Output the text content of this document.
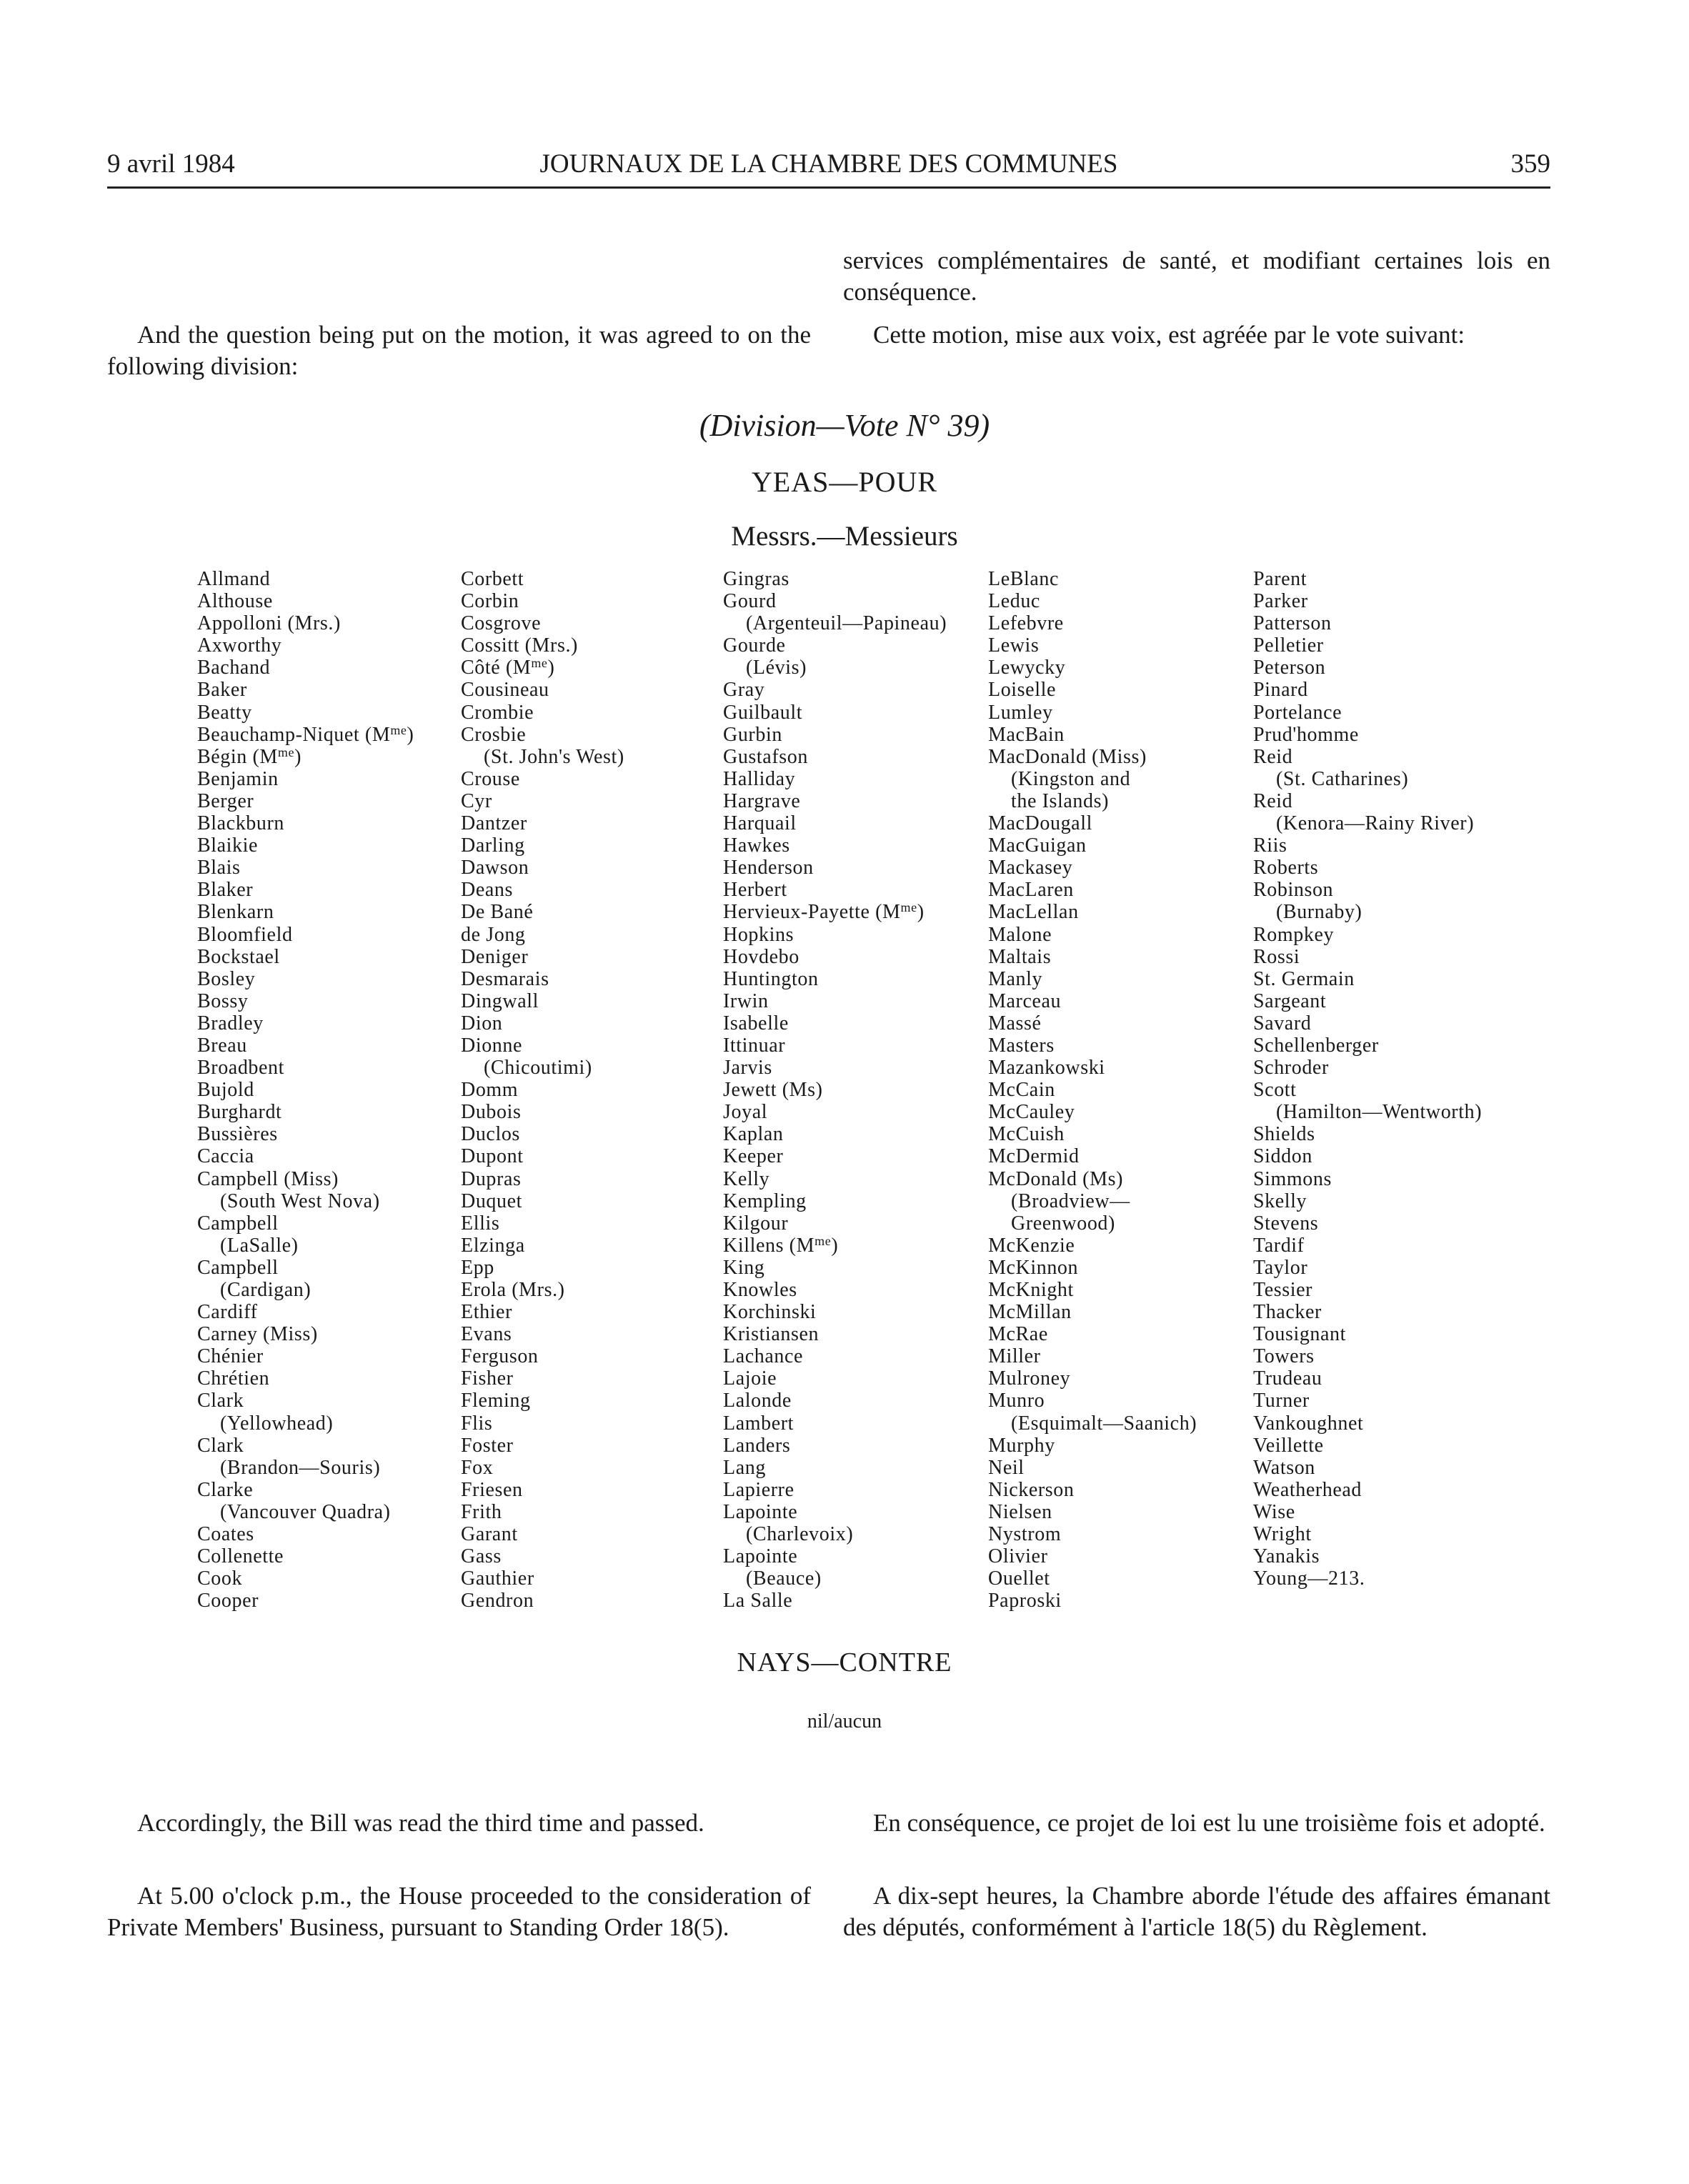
9 avril 1984	JOURNAUX DE LA CHAMBRE DES COMMUNES	359

services complémentaires de santé, et modifiant certaines lois en conséquence.

And the question being put on the motion, it was agreed to on the following division:

Cette motion, mise aux voix, est agréée par le vote suivant:

(Division—Vote N° 39)
YEAS—POUR
Messrs.—Messieurs
Allmand
Althouse
Appolloni (Mrs.)
Axworthy
Bachand
Baker
Beatty
Beauchamp-Niquet $(M^{me})$
Bégin $(M^{me})$
Benjamin
Berger
Blackburn
Blaikie
Blais
Blaker
Blenkarn
Bloomfield
Bockstael
Bosley
Bossy
Bradley
Breau
Broadbent
Bujold
Burghardt
Bussières
Caccia
Campbell (Miss)
(South West Nova)
Campbell
(LaSalle)
Campbell
(Cardigan)
Cardiff
Carney (Miss)
Chénier
Chrétien
Clark
(Yellowhead)
Clark
(Brandon—Souris)
Clarke
(Vancouver Quadra)
Coates
Collenette
Cook
Cooper
Corbett
Corbin
Cosgrove
Cossitt (Mrs.)
Côté $(M^{me})$
Cousineau
Crombie
Crosbie
(St. John's West)
Crouse
Cyr
Dantzer
Darling
Dawson
Deans
De Bané
de Jong
Deniger
Desmarais
Dingwall
Dion
Dionne
(Chicoutimi)
Domm
Dubois
Duclos
Dupont
Dupras
Duquet
Ellis
Elzinga
Epp
Erola (Mrs.)
Ethier
Evans
Ferguson
Fisher
Fleming
Flis
Foster
Fox
Friesen
Frith
Garant
Gass
Gauthier
Gendron
Gingras
Gourd
(Argenteuil—Papineau)
Gourde
(Lévis)
Gray
Guilbault
Gurbin
Gustafson
Halliday
Hargrave
Harquail
Hawkes
Henderson
Herbert
Hervieux-Payette $(M^{me})$
Hopkins
Hovdebo
Huntington
Irwin
Isabelle
Ittinuar
Jarvis
Jewett (Ms)
Joyal
Kaplan
Keeper
Kelly
Kempling
Kilgour
Killens $(M^{me})$
King
Knowles
Korchinski
Kristiansen
Lachance
Lajoie
Lalonde
Lambert
Landers
Lang
Lapierre
Lapointe
(Charlevoix)
Lapointe
(Beauce)
La Salle
LeBlanc
Leduc
Lefebvre
Lewis
Lewycky
Loiselle
Lumley
MacBain
MacDonald (Miss)
(Kingston and
the Islands)
MacDougall
MacGuigan
Mackasey
MacLaren
MacLellan
Malone
Maltais
Manly
Marceau
Massé
Masters
Mazankowski
McCain
McCauley
McCuish
McDermid
McDonald (Ms)
(Broadview—
Greenwood)
McKenzie
McKinnon
McKnight
McMillan
McRae
Miller
Mulroney
Munro
(Esquimalt—Saanich)
Murphy
Neil
Nickerson
Nielsen
Nystrom
Olivier
Ouellet
Paproski
Parent
Parker
Patterson
Pelletier
Peterson
Pinard
Portelance
Prud'homme
Reid
(St. Catharines)
Reid
(Kenora—Rainy River)
Riis
Roberts
Robinson
(Burnaby)
Rompkey
Rossi
St. Germain
Sargeant
Savard
Schellenberger
Schroder
Scott
(Hamilton—Wentworth)
Shields
Siddon
Simmons
Skelly
Stevens
Tardif
Taylor
Tessier
Thacker
Tousignant
Towers
Trudeau
Turner
Vankoughnet
Veillette
Watson
Weatherhead
Wise
Wright
Yanakis
Young—213.
NAYS—CONTRE
nil/aucun

Accordingly, the Bill was read the third time and passed.	En conséquence, ce projet de loi est lu une troisième fois et adopté.

At 5.00 o'clock p.m., the House proceeded to the consideration of Private Members' Business, pursuant to Standing Order 18(5).

A dix-sept heures, la Chambre aborde l'étude des affaires émanant des députés, conformément à l'article 18(5) du Règlement.
